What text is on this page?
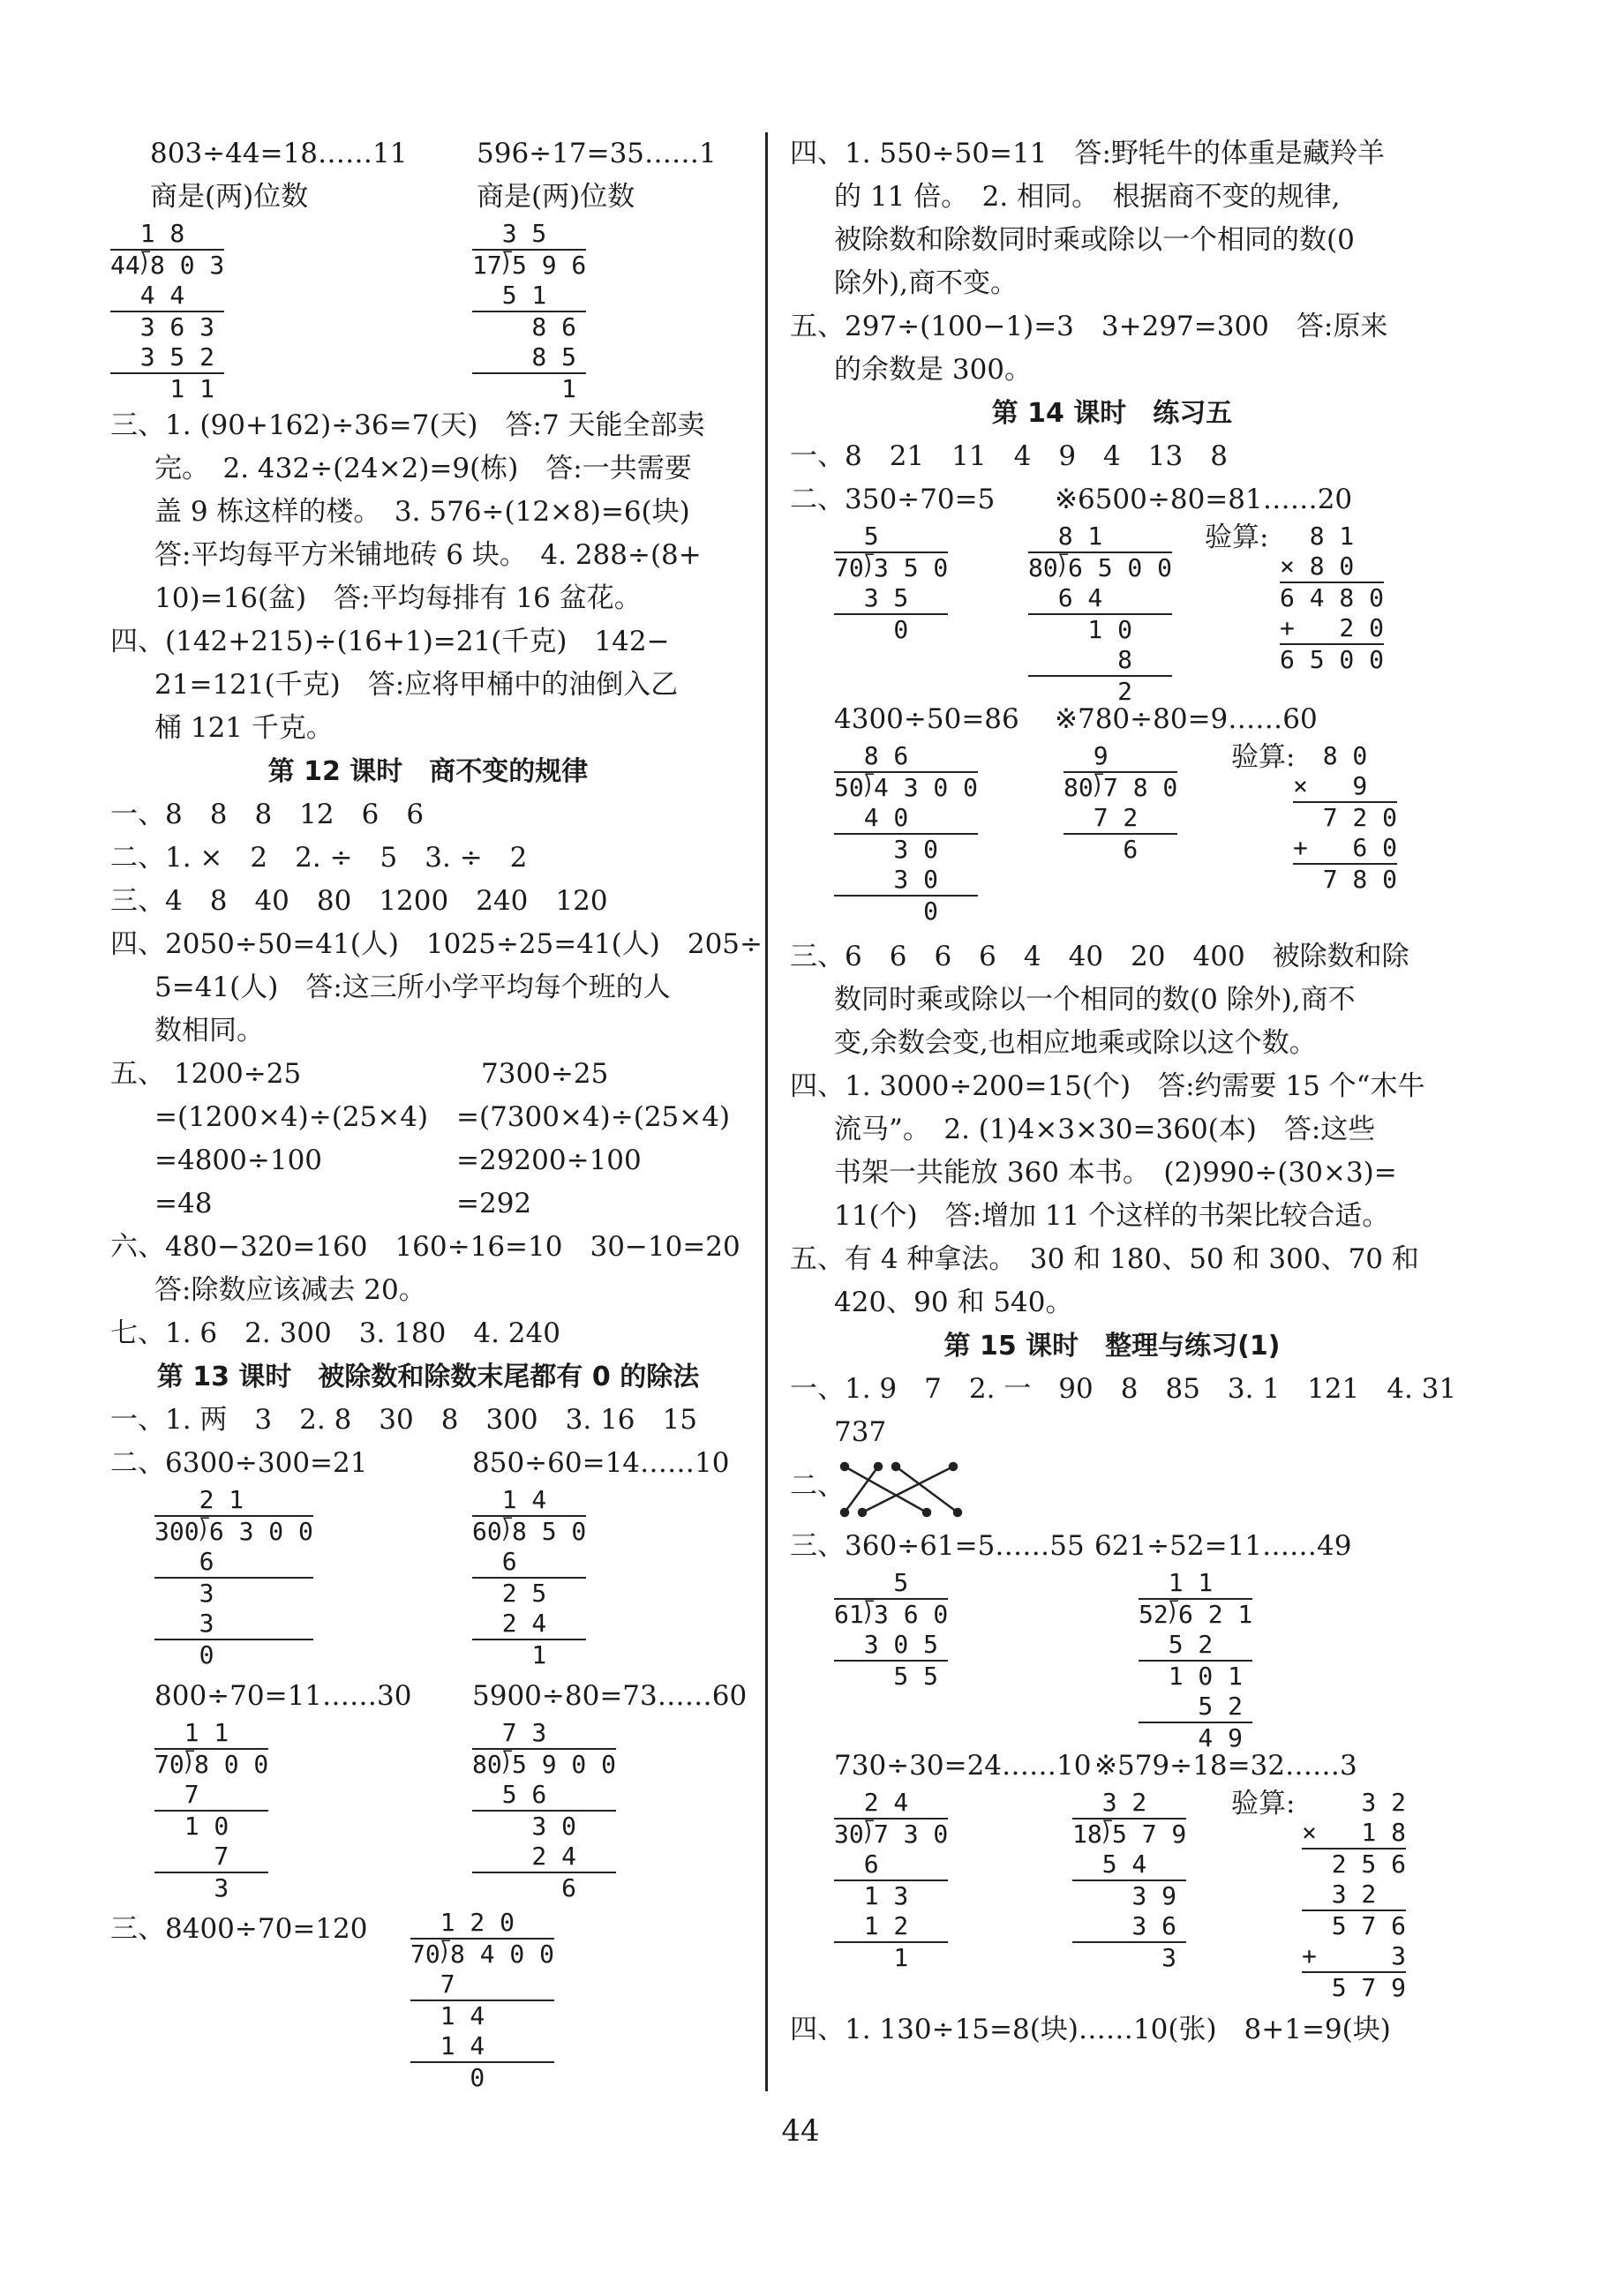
803÷44=18……11	596÷17=35……1
商是(两)位数	商是(两)位数
1 8
44⟌8 0 3
4 4
3 6 3
3 5 2
1 1
3 5
17⟌5 9 6
5 1
8 6
8 5
1
三、1. (90+162)÷36=7(天)　答:7 天能全部卖
完。　2. 432÷(24×2)=9(栋)　答:一共需要
盖 9 栋这样的楼。　3. 576÷(12×8)=6(块)
答:平均每平方米铺地砖 6 块。　4. 288÷(8+
10)=16(盆)　答:平均每排有 16 盆花。
四、(142+215)÷(16+1)=21(千克)　142−
21=121(千克)　答:应将甲桶中的油倒入乙
桶 121 千克。
第 12 课时　商不变的规律
一、8　8　8　12　6　6
二、1. ×　2　2. ÷　5　3. ÷　2
三、4　8　40　80　1200　240　120
四、2050÷50=41(人)　1025÷25=41(人)　205÷
5=41(人)　答:这三所小学平均每个班的人
数相同。
五、 1200÷25	7300÷25
=(1200×4)÷(25×4) =(7300×4)÷(25×4)
=4800÷100	=29200÷100
=48	=292
六、480−320=160　160÷16=10　30−10=20
答:除数应该减去 20。
七、1. 6　2. 300　3. 180　4. 240
第 13 课时　被除数和除数末尾都有 0 的除法
一、1. 两　3　2. 8　30　8　300　3. 16　15
二、6300÷300=21	850÷60=14……10
2 1
300⟌6 3 0 0
6
3
3
0
1 4
60⟌8 5 0
6
2 5
2 4
1
800÷70=11……30 5900÷80=73……60
1 1
70⟌8 0 0
7
1 0
7
3
7 3
80⟌5 9 0 0
5 6
3 0
2 4
6
三、8400÷70=120 1 2 0
70⟌8 4 0 0
7
1 4
1 4
0
四、1. 550÷50=11　答:野牦牛的体重是藏羚羊
的 11 倍。　2. 相同。　根据商不变的规律,
被除数和除数同时乘或除以一个相同的数(0
除外),商不变。
五、297÷(100−1)=3　3+297=300　答:原来
的余数是 300。
第 14 课时　练习五
一、8　21　11　4　9　4　13　8
二、350÷70=5 ※6500÷80=81……20
5
70⟌3 5 0
3 5
0
8 1
80⟌6 5 0 0
6 4
1 0
8
2
验算: 8 1
× 8 0
6 4 8 0
+   2 0
6 5 0 0
4300÷50=86 ※780÷80=9……60
8 6
50⟌4 3 0 0
4 0
3 0
3 0
0
9
80⟌7 8 0
7 2
6
验算:
8 0
×   9
7 2 0
+   6 0
7 8 0
三、6　6　6　6　4　40　20　400　被除数和除
数同时乘或除以一个相同的数(0 除外),商不
变,余数会变,也相应地乘或除以这个数。
四、1. 3000÷200=15(个)　答:约需要 15 个“木牛
流马”。　2. (1)4×3×30=360(本)　答:这些
书架一共能放 360 本书。　(2)990÷(30×3)=
11(个)　答:增加 11 个这样的书架比较合适。
五、有 4 种拿法。　30 和 180、50 和 300、70 和
420、90 和 540。
第 15 课时　整理与练习(1)
一、1. 9　7　2. 一　90　8　85　3. 1　121　4. 31
737
二、
三、360÷61=5……55 621÷52=11……49
5
61⟌3 6 0
3 0 5
5 5
1 1
52⟌6 2 1
5 2
1 0 1
5 2
4 9
730÷30=24……10 ※579÷18=32……3
2 4
30⟌7 3 0
6
1 3
1 2
1
3 2
18⟌5 7 9
5 4
3 9
3 6
3
验算: 3 2
×   1 8
2 5 6
3 2
5 7 6
+     3
5 7 9
四、1. 130÷15=8(块)……10(张)　8+1=9(块)
44
